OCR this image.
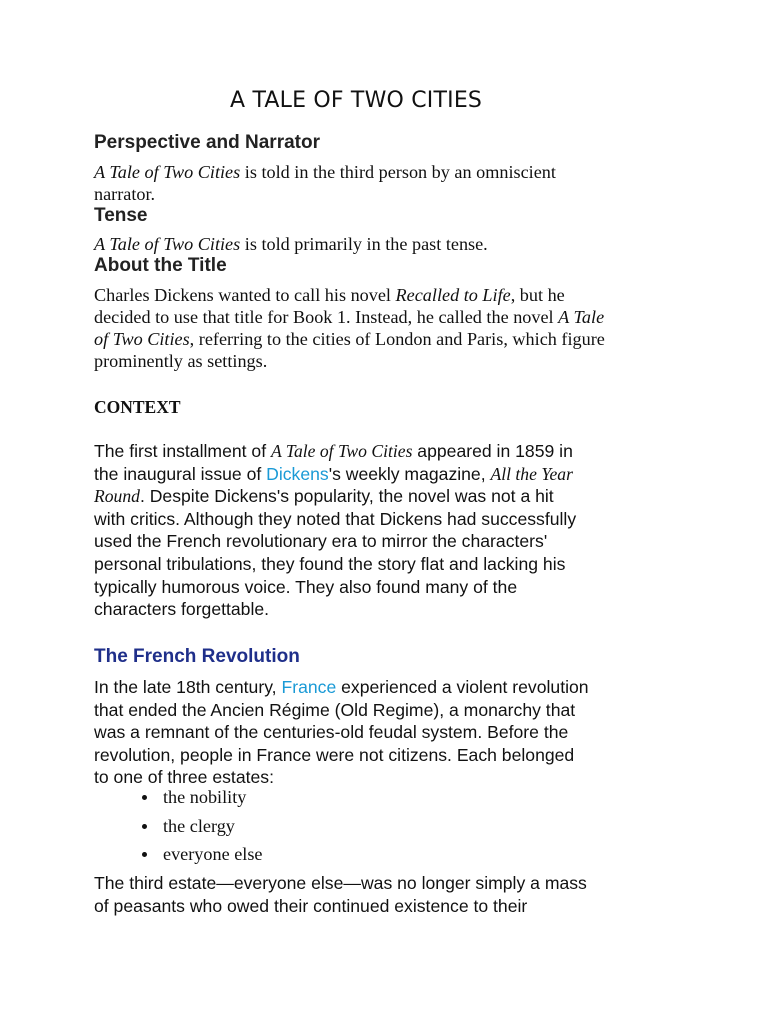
A TALE OF TWO CITIES
Perspective and Narrator

A Tale of Two Cities is told in the third person by an omniscient
narrator.

Tense

A Tale of Two Cities is told primarily in the past tense.

About the Title

Charles Dickens wanted to call his novel Recalled to Life, but he
decided to use that title for Book 1. Instead, he called the novel A Tale
of Two Cities, referring to the cities of London and Paris, which figure
prominently as settings.

CONTEXT

The first installment of A Tale of Two Cities appeared in 1859 in
the inaugural issue of Dickens's weekly magazine, All the Year
Round. Despite Dickens's popularity, the novel was not a hit
with critics. Although they noted that Dickens had successfully
used the French revolutionary era to mirror the characters'
personal tribulations, they found the story flat and lacking his
typically humorous voice. They also found many of the
characters forgettable.

The French Revolution

In the late 18th century, France experienced a violent revolution
that ended the Ancien Régime (Old Regime), a monarchy that
was a remnant of the centuries-old feudal system. Before the
revolution, people in France were not citizens. Each belonged
to one of three estates:

the nobility
the clergy
everyone else

The third estate—everyone else—was no longer simply a mass
of peasants who owed their continued existence to their
